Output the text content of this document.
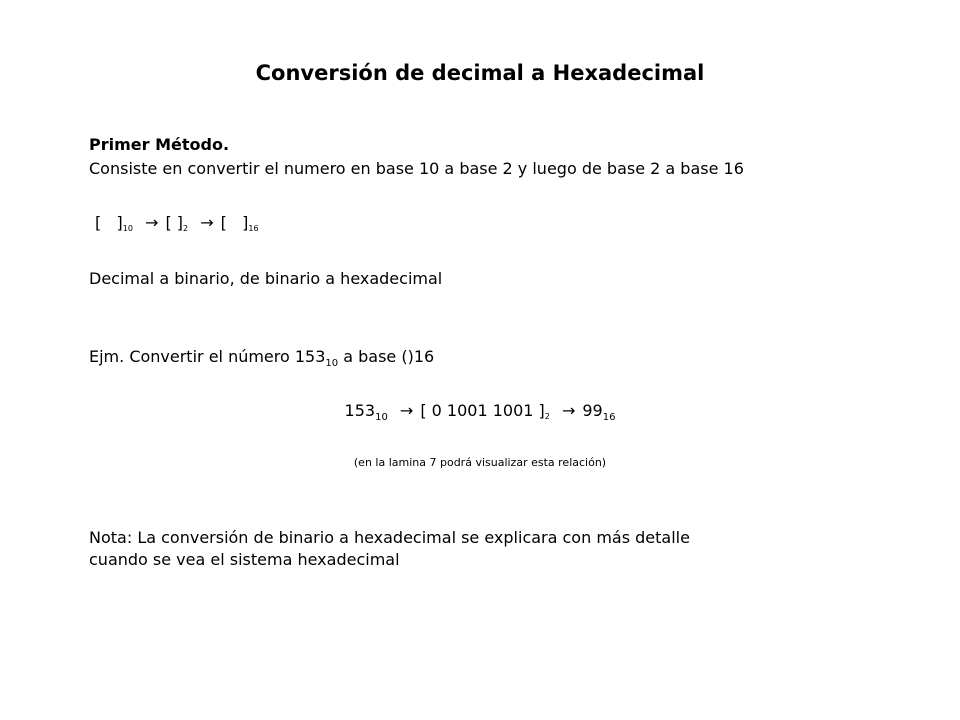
Conversión de decimal a Hexadecimal
Primer Método.
Consiste en convertir el numero en base 10 a base 2 y luego de base 2 a base 16
[   ]$_{10}$ → [ ]$_2$ → [   ]$_{16}$
Decimal a binario, de binario a hexadecimal
Ejm. Convertir el número $153_{10}$ a base ()16
$153_{10}$ → [ 0 1001 1001 ]$_2 \to 99_{16}$
(en la lamina 7 podrá visualizar esta relación)
Nota: La conversión de binario a hexadecimal se explicara con más detalle
cuando se vea el sistema hexadecimal
